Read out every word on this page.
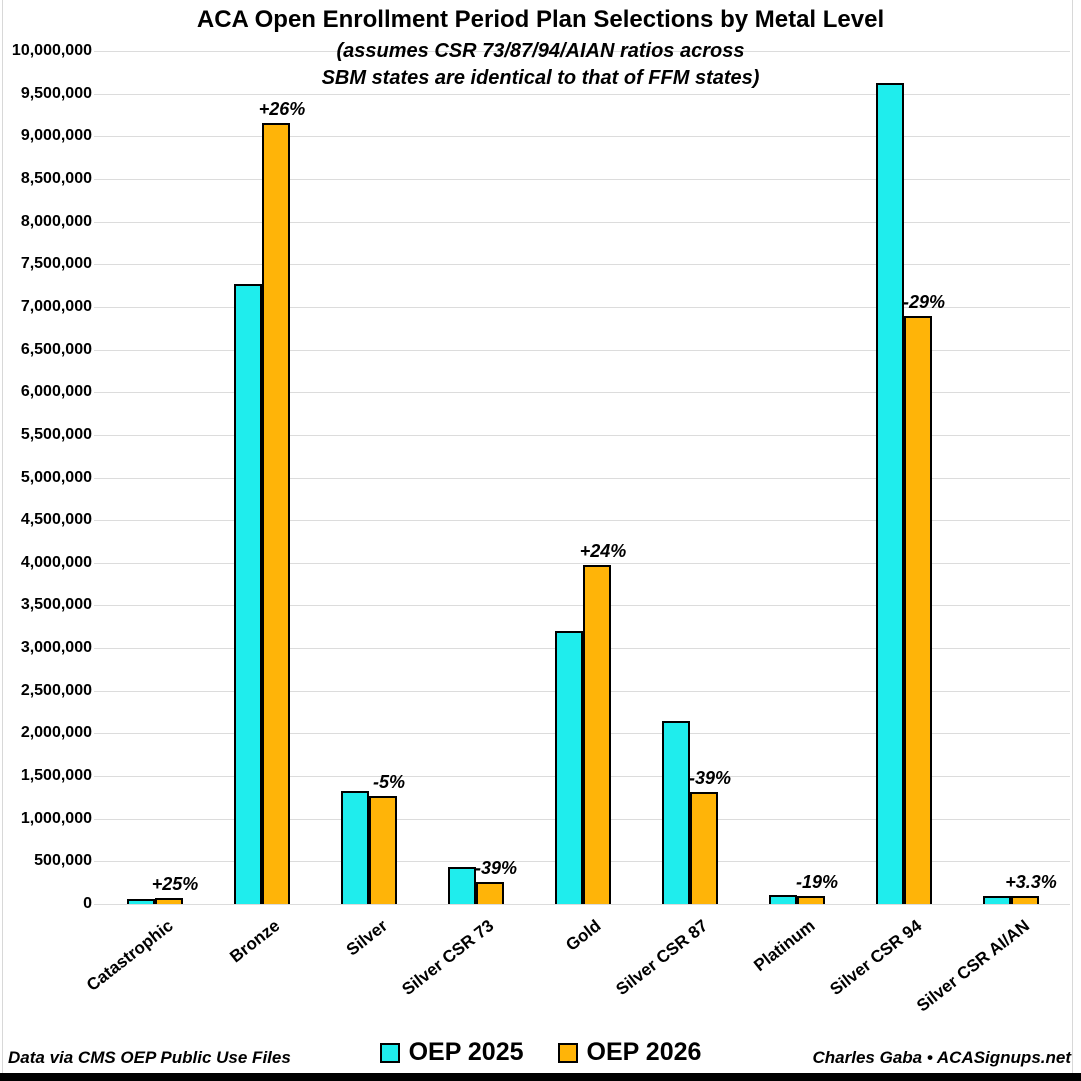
ACA Open Enrollment Period Plan Selections by Metal Level
(assumes CSR 73/87/94/AIAN ratios across
SBM states are identical to that of FFM states)
0
500,000
1,000,000
1,500,000
2,000,000
2,500,000
3,000,000
3,500,000
4,000,000
4,500,000
5,000,000
5,500,000
6,000,000
6,500,000
7,000,000
7,500,000
8,000,000
8,500,000
9,000,000
9,500,000
10,000,000
+25%
+26%
-5%
-39%
+24%
-39%
-19%
-29%
+3.3%
Catastrophic	Bronze	Silver Silver CSR 73	Gold Silver CSR 87 Platinum Silver CSR 94
Silver CSR AI/AN
OEP 2025	OEP 2026
Data via CMS OEP Public Use Files	Charles Gaba • ACASignups.net
